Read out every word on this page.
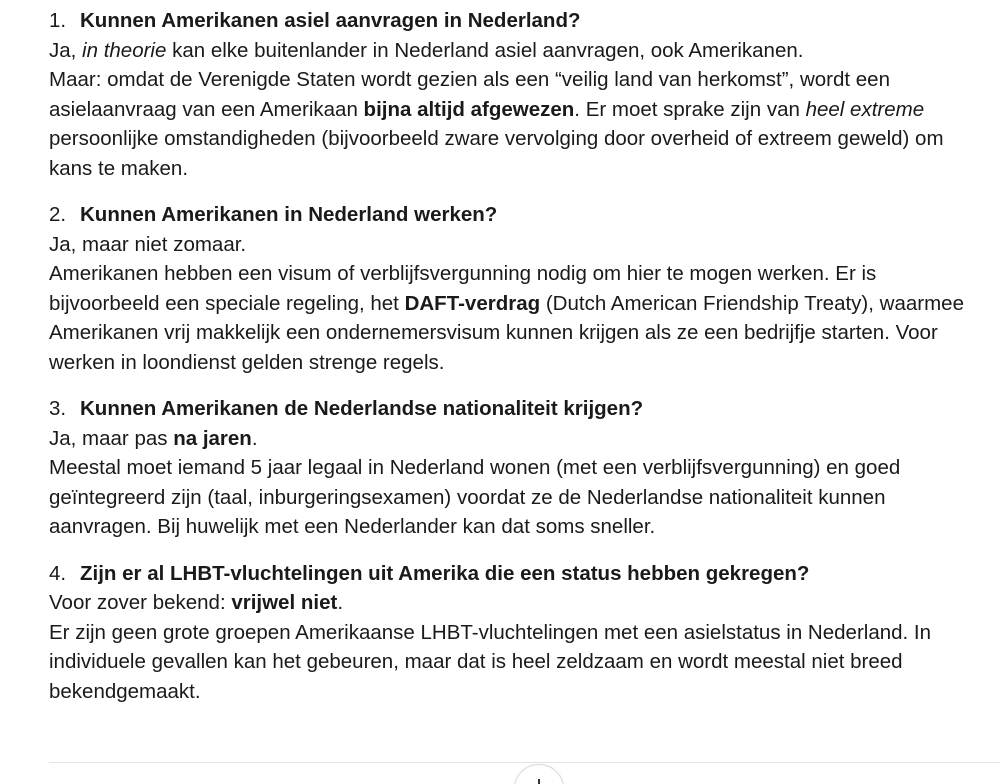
1. Kunnen Amerikanen asiel aanvragen in Nederland?
Ja, in theorie kan elke buitenlander in Nederland asiel aanvragen, ook Amerikanen.
Maar: omdat de Verenigde Staten wordt gezien als een “veilig land van herkomst”, wordt een
asielaanvraag van een Amerikaan bijna altijd afgewezen. Er moet sprake zijn van heel extreme
persoonlijke omstandigheden (bijvoorbeeld zware vervolging door overheid of extreem geweld) om
kans te maken.
2. Kunnen Amerikanen in Nederland werken?
Ja, maar niet zomaar.
Amerikanen hebben een visum of verblijfsvergunning nodig om hier te mogen werken. Er is
bijvoorbeeld een speciale regeling, het DAFT-verdrag (Dutch American Friendship Treaty), waarmee
Amerikanen vrij makkelijk een ondernemersvisum kunnen krijgen als ze een bedrijfje starten. Voor
werken in loondienst gelden strenge regels.
3. Kunnen Amerikanen de Nederlandse nationaliteit krijgen?
Ja, maar pas na jaren.
Meestal moet iemand 5 jaar legaal in Nederland wonen (met een verblijfsvergunning) en goed
geïntegreerd zijn (taal, inburgeringsexamen) voordat ze de Nederlandse nationaliteit kunnen
aanvragen. Bij huwelijk met een Nederlander kan dat soms sneller.
4. Zijn er al LHBT-vluchtelingen uit Amerika die een status hebben gekregen?
Voor zover bekend: vrijwel niet.
Er zijn geen grote groepen Amerikaanse LHBT-vluchtelingen met een asielstatus in Nederland. In
individuele gevallen kan het gebeuren, maar dat is heel zeldzaam en wordt meestal niet breed
bekendgemaakt.
